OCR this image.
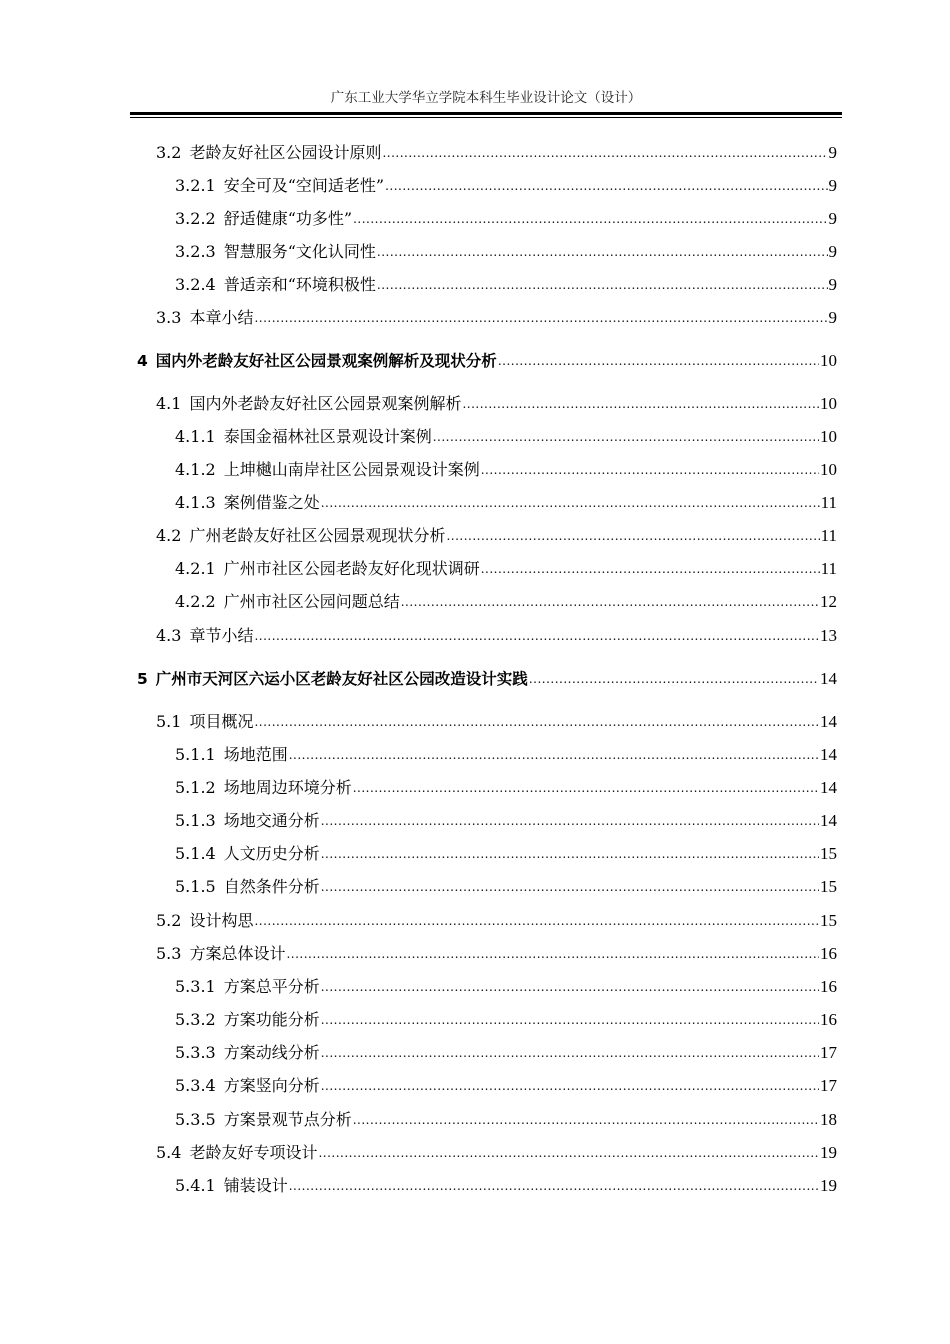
广东工业大学华立学院本科生毕业设计论文（设计）
3.2 老龄友好社区公园设计原则 .....	9
3.2.1 安全可及“空间适老性” .....	9
3.2.2 舒适健康“功多性” .....	9
3.2.3 智慧服务“文化认同性 .....	9
3.2.4 普适亲和“环境积极性 .....	9
3.3 本章小结 .....	9
4 国内外老龄友好社区公园景观案例解析及现状分析 .....	10
4.1 国内外老龄友好社区公园景观案例解析 .....	10
4.1.1 泰国金福林社区景观设计案例 .....	10
4.1.2 上坤樾山南岸社区公园景观设计案例 .....	10
4.1.3 案例借鉴之处 .....	11
4.2 广州老龄友好社区公园景观现状分析 .....	11
4.2.1 广州市社区公园老龄友好化现状调研 .....	11
4.2.2 广州市社区公园问题总结 .....	12
4.3 章节小结 .....	13
5 广州市天河区六运小区老龄友好社区公园改造设计实践 .....	14
5.1 项目概况 .....	14
5.1.1 场地范围 .....	14
5.1.2 场地周边环境分析 .....	14
5.1.3 场地交通分析 .....	14
5.1.4 人文历史分析 .....	15
5.1.5 自然条件分析 .....	15
5.2 设计构思 .....	15
5.3 方案总体设计 .....	16
5.3.1 方案总平分析 .....	16
5.3.2 方案功能分析 .....	16
5.3.3 方案动线分析 .....	17
5.3.4 方案竖向分析 .....	17
5.3.5 方案景观节点分析 .....	18
5.4 老龄友好专项设计 .....	19
5.4.1 铺装设计 .....	19
